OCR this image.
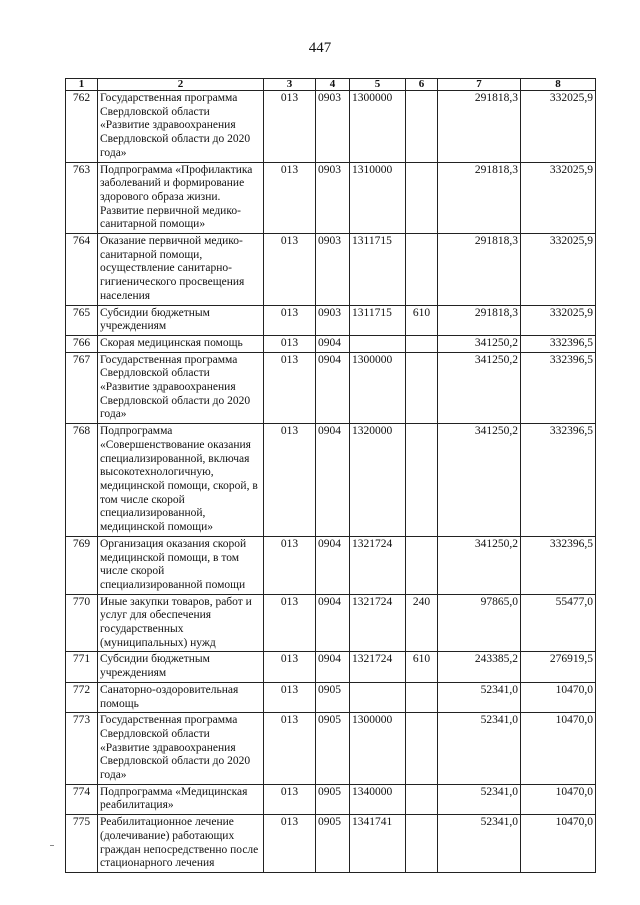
447
1	2	3	4	5	6	7	8
762	Государственная программа Свердловской области «Развитие здравоохранения Свердловской области до 2020 года»	013	0903	1300000		291818,3	332025,9
763	Подпрограмма «Профилактика заболеваний и формирование здорового образа жизни. Развитие первичной медико-санитарной помощи»	013	0903	1310000		291818,3	332025,9
764	Оказание первичной медико-санитарной помощи, осуществление санитарно-гигиенического просвещения населения	013	0903	1311715		291818,3	332025,9
765	Субсидии бюджетным учреждениям	013	0903	1311715	610	291818,3	332025,9
766	Скорая медицинская помощь	013	0904			341250,2	332396,5
767	Государственная программа Свердловской области «Развитие здравоохранения Свердловской области до 2020 года»	013	0904	1300000		341250,2	332396,5
768	Подпрограмма «Совершенствование оказания специализированной, включая высокотехнологичную, медицинской помощи, скорой, в том числе скорой специализированной, медицинской помощи»	013	0904	1320000		341250,2	332396,5
769	Организация оказания скорой медицинской помощи, в том числе скорой специализированной помощи	013	0904	1321724		341250,2	332396,5
770	Иные закупки товаров, работ и услуг для обеспечения государственных (муниципальных) нужд	013	0904	1321724	240	97865,0	55477,0
771	Субсидии бюджетным учреждениям	013	0904	1321724	610	243385,2	276919,5
772	Санаторно-оздоровительная помощь	013	0905			52341,0	10470,0
773	Государственная программа Свердловской области «Развитие здравоохранения Свердловской области до 2020 года»	013	0905	1300000		52341,0	10470,0
774	Подпрограмма «Медицинская реабилитация»	013	0905	1340000		52341,0	10470,0
775	Реабилитационное лечение (долечивание) работающих граждан непосредственно после стационарного лечения	013	0905	1341741		52341,0	10470,0
